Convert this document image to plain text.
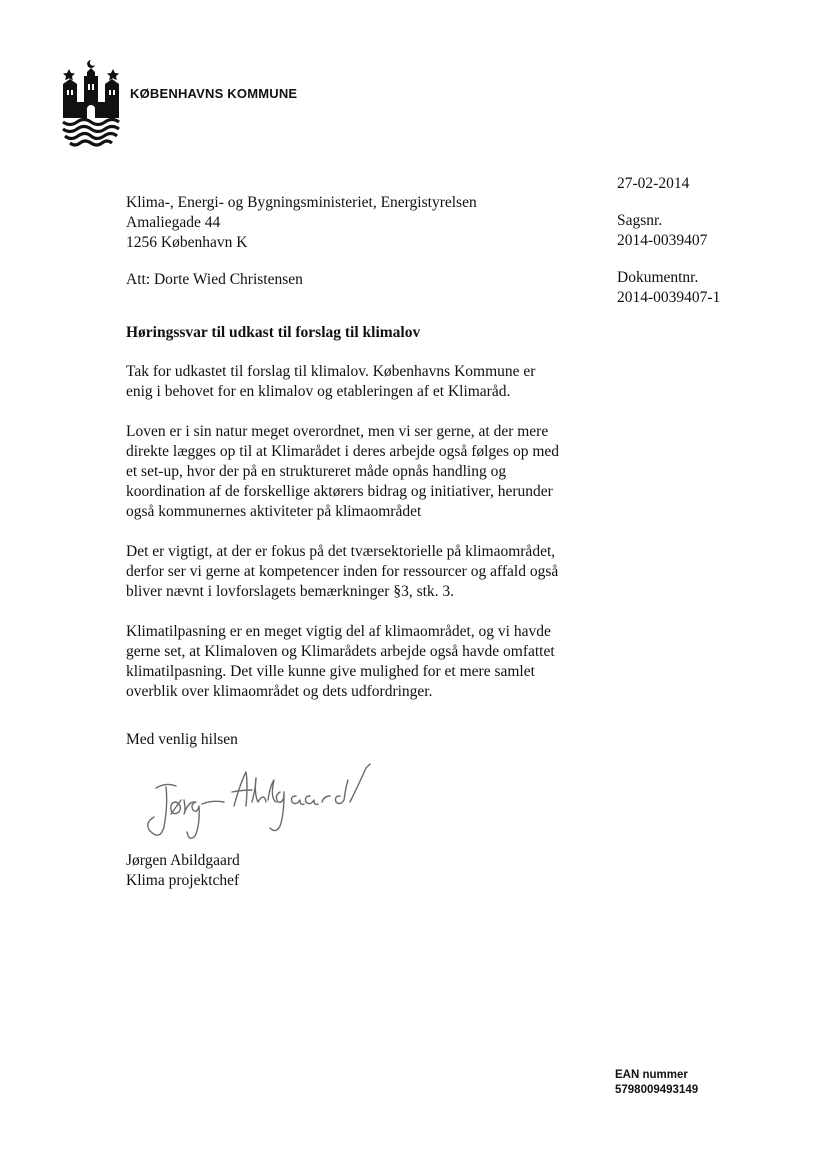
KØBENHAVNS KOMMUNE
27-02-2014
Sagsnr.
2014-0039407
Dokumentnr.
2014-0039407-1
Klima-, Energi- og Bygningsministeriet, Energistyrelsen
Amaliegade 44
1256 København K
Att: Dorte Wied Christensen
Høringssvar til udkast til forslag til klimalov

Tak for udkastet til forslag til klimalov. Københavns Kommune er
enig i behovet for en klimalov og etableringen af et Klimaråd.

Loven er i sin natur meget overordnet, men vi ser gerne, at der mere
direkte lægges op til at Klimarådet i deres arbejde også følges op med
et set-up, hvor der på en struktureret måde opnås handling og
koordination af de forskellige aktørers bidrag og initiativer, herunder
også kommunernes aktiviteter på klimaområdet

Det er vigtigt, at der er fokus på det tværsektorielle på klimaområdet,
derfor ser vi gerne at kompetencer inden for ressourcer og affald også
bliver nævnt i lovforslagets bemærkninger §3, stk. 3.

Klimatilpasning er en meget vigtig del af klimaområdet, og vi havde
gerne set, at Klimaloven og Klimarådets arbejde også havde omfattet
klimatilpasning. Det ville kunne give mulighed for et mere samlet
overblik over klimaområdet og dets udfordringer.

Med venlig hilsen
Jørgen Abildgaard
Klima projektchef
EAN nummer
5798009493149
